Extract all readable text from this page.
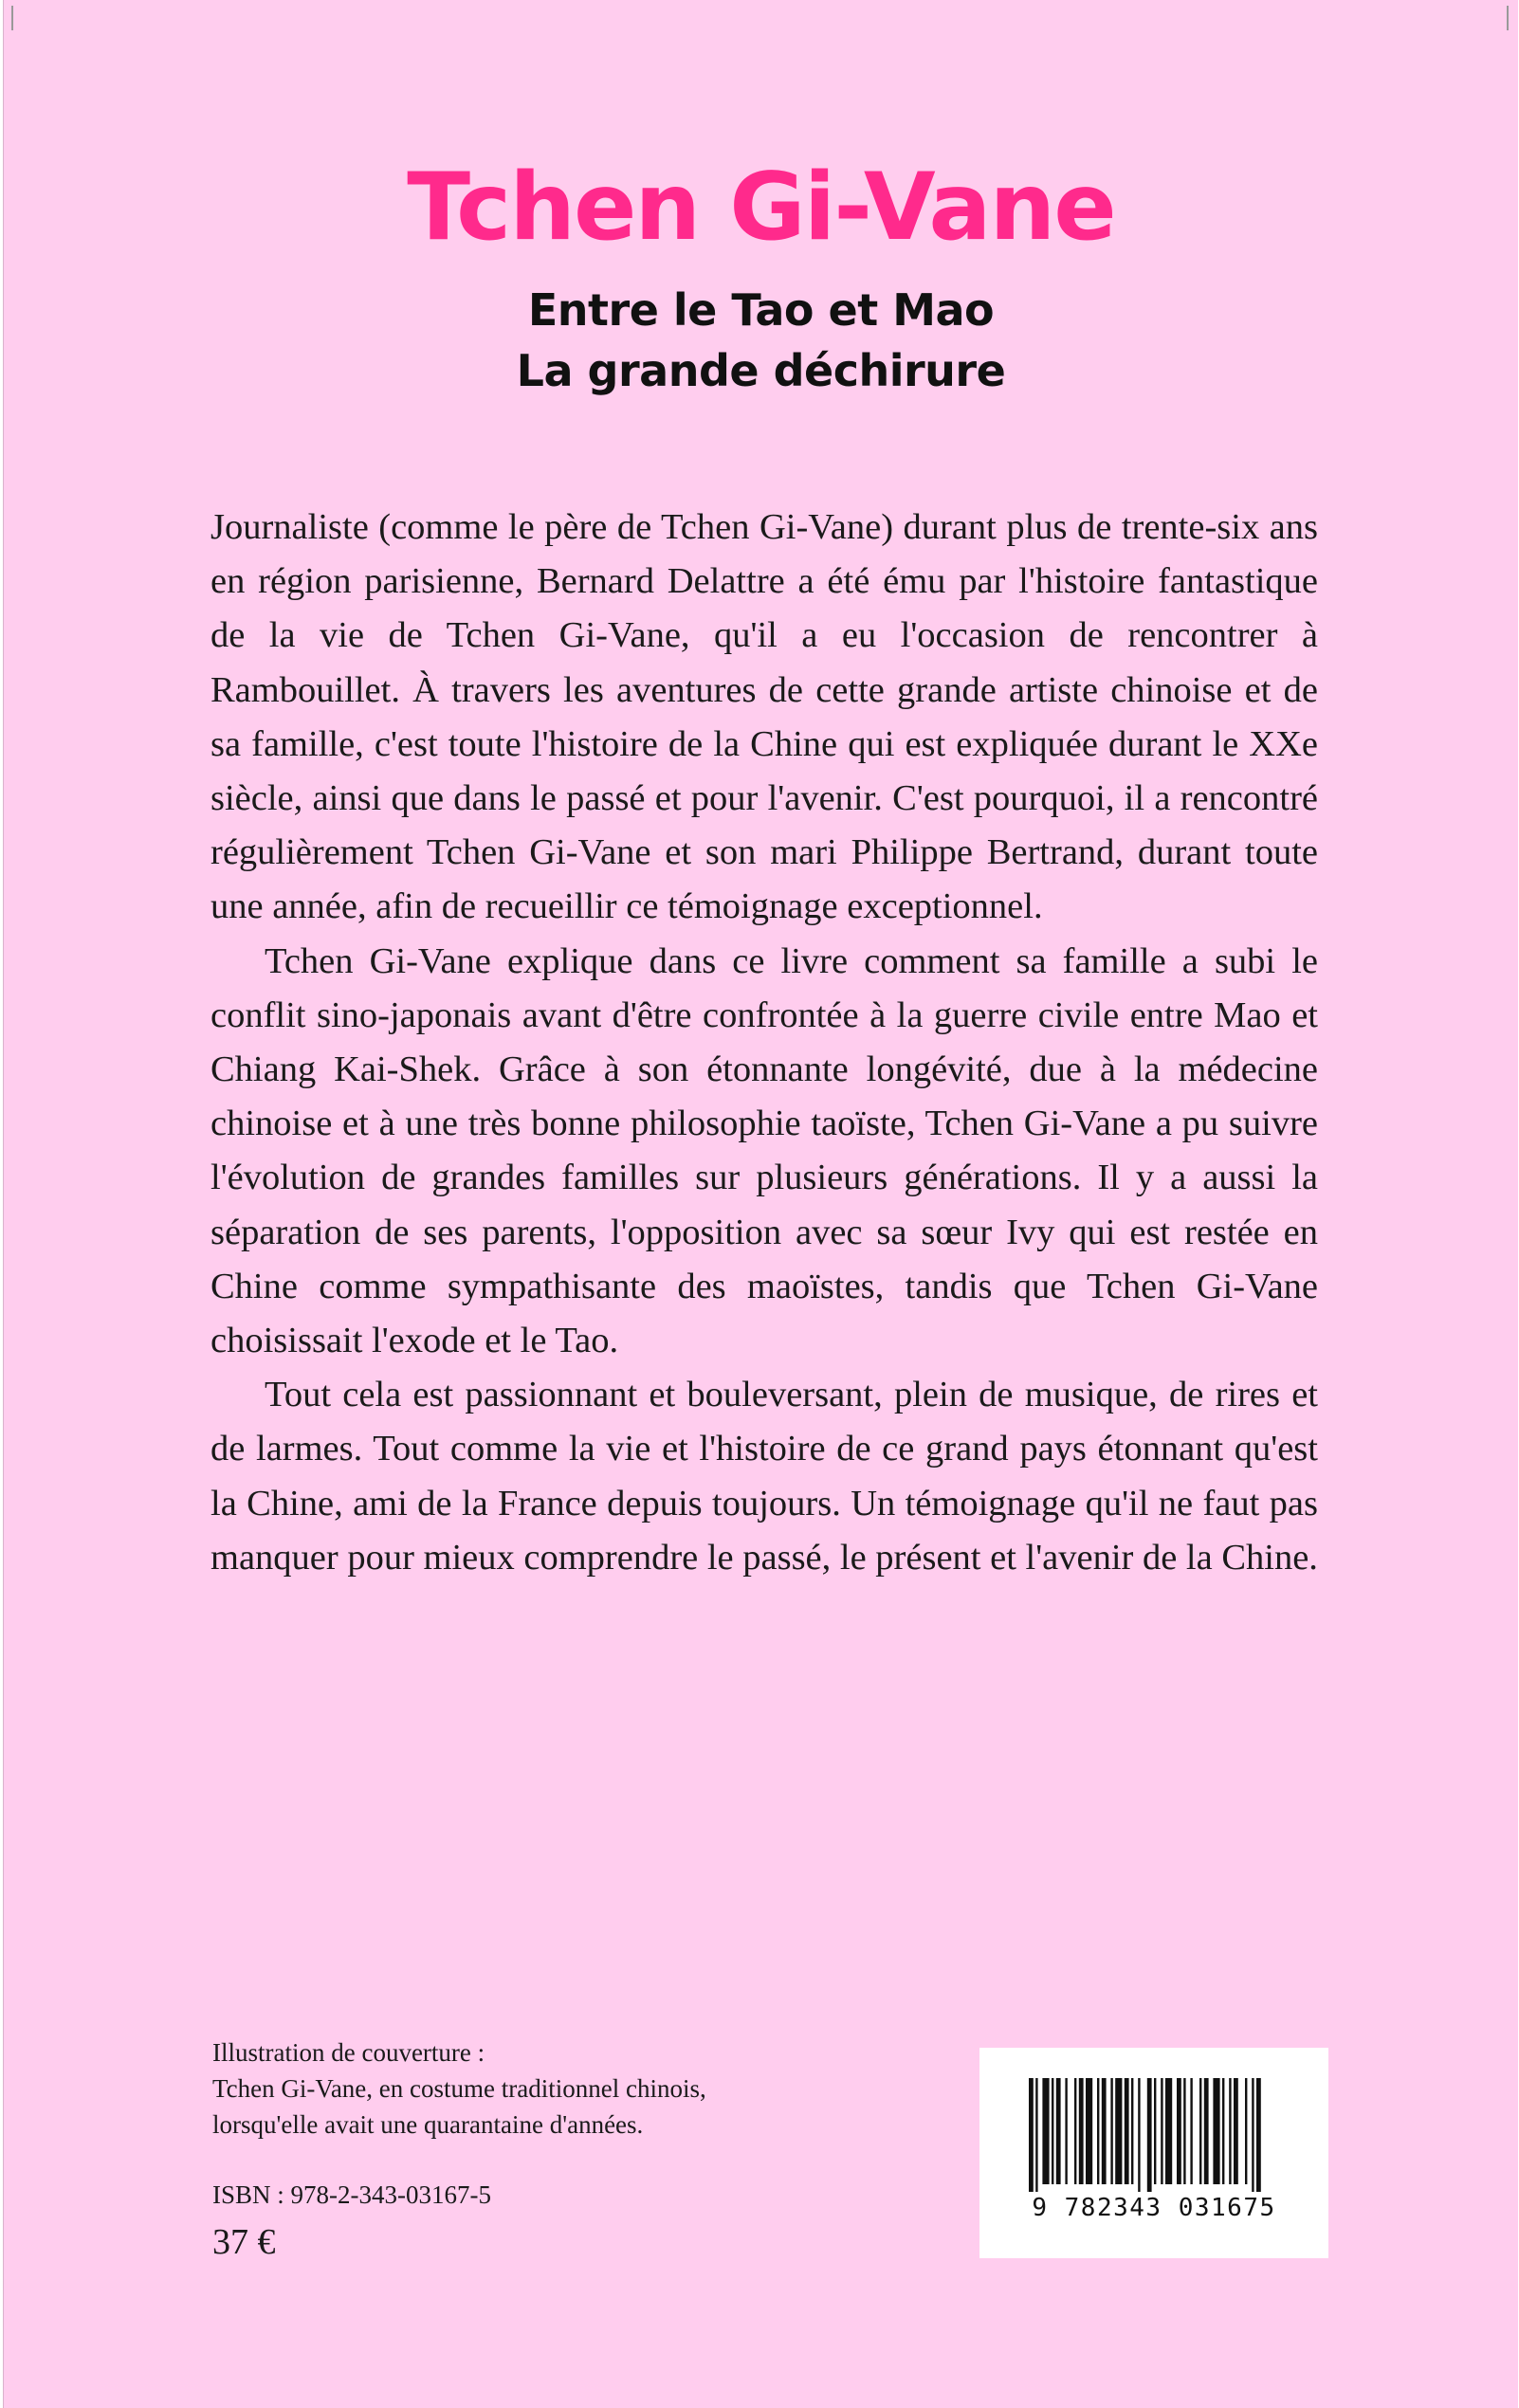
Tchen Gi-Vane
Entre le Tao et Mao
La grande déchirure

Journaliste (comme le père de Tchen Gi-Vane) durant plus de trente-six ans en région parisienne, Bernard Delattre a été ému par l'histoire fantastique de la vie de Tchen Gi-Vane, qu'il a eu l'occasion de rencontrer à Rambouillet. À travers les aventures de cette grande artiste chinoise et de sa famille, c'est toute l'histoire de la Chine qui est expliquée durant le XXe siècle, ainsi que dans le passé et pour l'avenir. C'est pourquoi, il a rencontré régulièrement Tchen Gi-Vane et son mari Philippe Bertrand, durant toute une année, afin de recueillir ce témoignage exceptionnel.

Tchen Gi-Vane explique dans ce livre comment sa famille a subi le conflit sino-japonais avant d'être confrontée à la guerre civile entre Mao et Chiang Kai-Shek. Grâce à son étonnante longévité, due à la médecine chinoise et à une très bonne philosophie taoïste, Tchen Gi-Vane a pu suivre l'évolution de grandes familles sur plusieurs générations. Il y a aussi la séparation de ses parents, l'opposition avec sa sœur Ivy qui est restée en Chine comme sympathisante des maoïstes, tandis que Tchen Gi-Vane choisissait l'exode et le Tao.

Tout cela est passionnant et bouleversant, plein de musique, de rires et de larmes. Tout comme la vie et l'histoire de ce grand pays étonnant qu'est la Chine, ami de la France depuis toujours. Un témoignage qu'il ne faut pas manquer pour mieux comprendre le passé, le présent et l'avenir de la Chine.

Illustration de couverture :
Tchen Gi-Vane, en costume traditionnel chinois,
lorsqu'elle avait une quarantaine d'années.
ISBN : 978-2-343-03167-5
37 €
9 782343 031675
